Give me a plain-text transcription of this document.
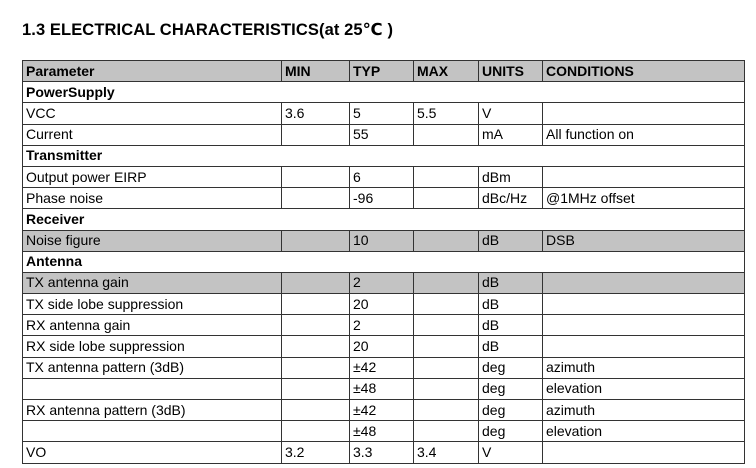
1.3 ELECTRICAL CHARACTERISTICS(at 25℃ )
Parameter	MIN	TYP	MAX	UNITS	CONDITIONS
PowerSupply					
VCC	3.6	5	5.5	V	
Current		55		mA	All function on
Transmitter					
Output power EIRP		6		dBm	
Phase noise		-96		dBc/Hz	@1MHz offset
Receiver					
Noise figure		10		dB	DSB
Antenna					
TX antenna gain		2		dB	
TX side lobe suppression		20		dB	
RX antenna gain		2		dB	
RX side lobe suppression		20		dB	
TX antenna pattern (3dB)		±42		deg	azimuth
		±48		deg	elevation
RX antenna pattern (3dB)		±42		deg	azimuth
		±48		deg	elevation
VO	3.2	3.3	3.4	V	
